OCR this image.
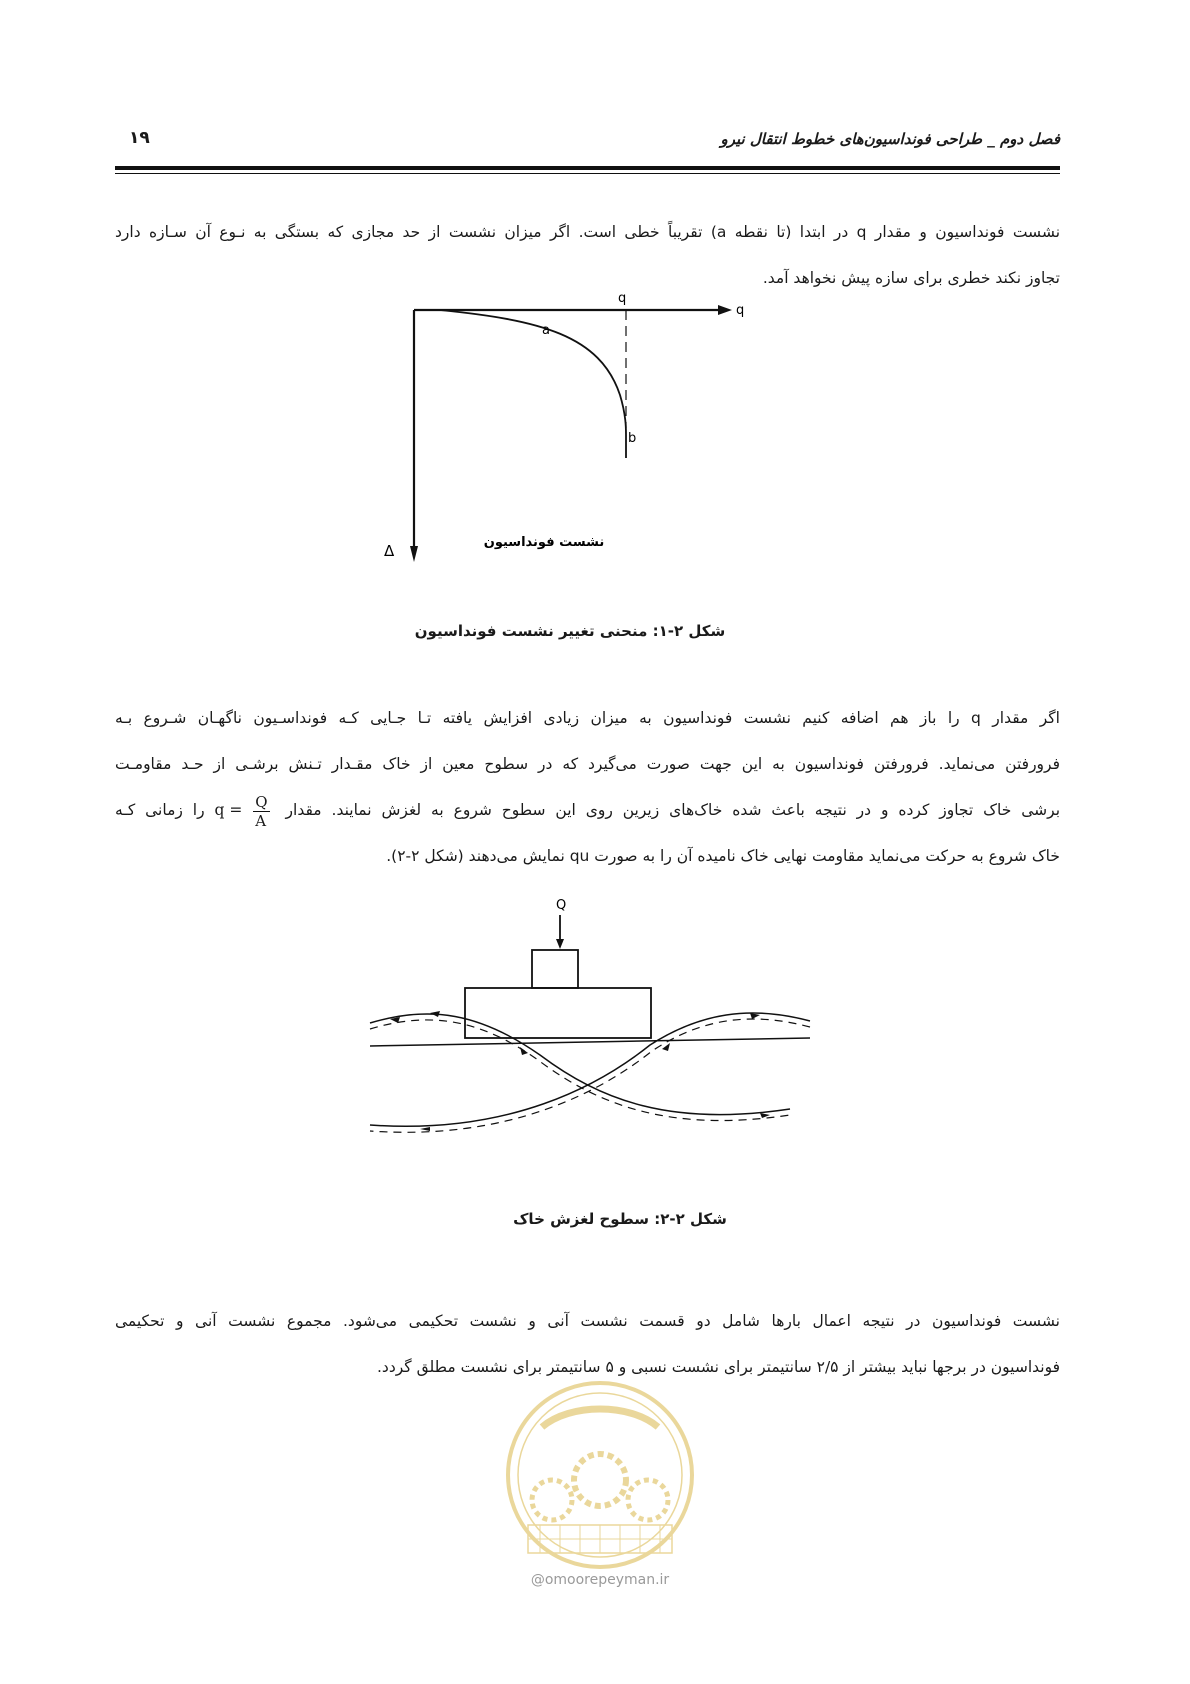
فصل دوم _ طراحی فونداسیون‌های خطوط انتقال نیرو
۱۹

نشست فونداسیون و مقدار q در ابتدا (تا نقطه a) تقریباً خطی است. اگر میزان نشست از حد مجازی که بستگی به نـوع آن سـازه دارد
تجاوز نکند خطری برای سازه پیش نخواهد آمد.

q
q
a
b
نشست فونداسیون
Δ
شکل ۲-۱: منحنی تغییر نشست فونداسیون

اگر مقدار q را باز هم اضافه کنیم نشست فونداسیون به میزان زیادی افزایش یافته تـا جـایی کـه فونداسـیون ناگهـان شـروع بـه
فرورفتن می‌نماید. فرورفتن فونداسیون به این جهت صورت می‌گیرد که در سطوح معین از خاک مقـدار تـنش برشـی از حـد مقاومـت
برشی خاک تجاوز کرده و در نتیجه باعث شده خاک‌های زیرین روی این سطوح شروع به لغزش نمایند. مقدار $q = \frac{Q}{A}$
را زمانی کـه
خاک شروع به حرکت می‌نماید مقاومت نهایی خاک نامیده آن را به صورت qu نمایش می‌دهند (شکل ۲-۲).

Q
شکل ۲-۲: سطوح لغزش خاک

نشست فونداسیون در نتیجه اعمال بارها شامل دو قسمت نشست آنی و نشست تحکیمی می‌شود. مجموع نشست آنی و تحکیمی
فونداسیون در برجها نباید بیشتر از ۲/۵ سانتیمتر برای نشست نسبی و ۵ سانتیمتر برای نشست مطلق گردد.

@omoorepeyman.ir
